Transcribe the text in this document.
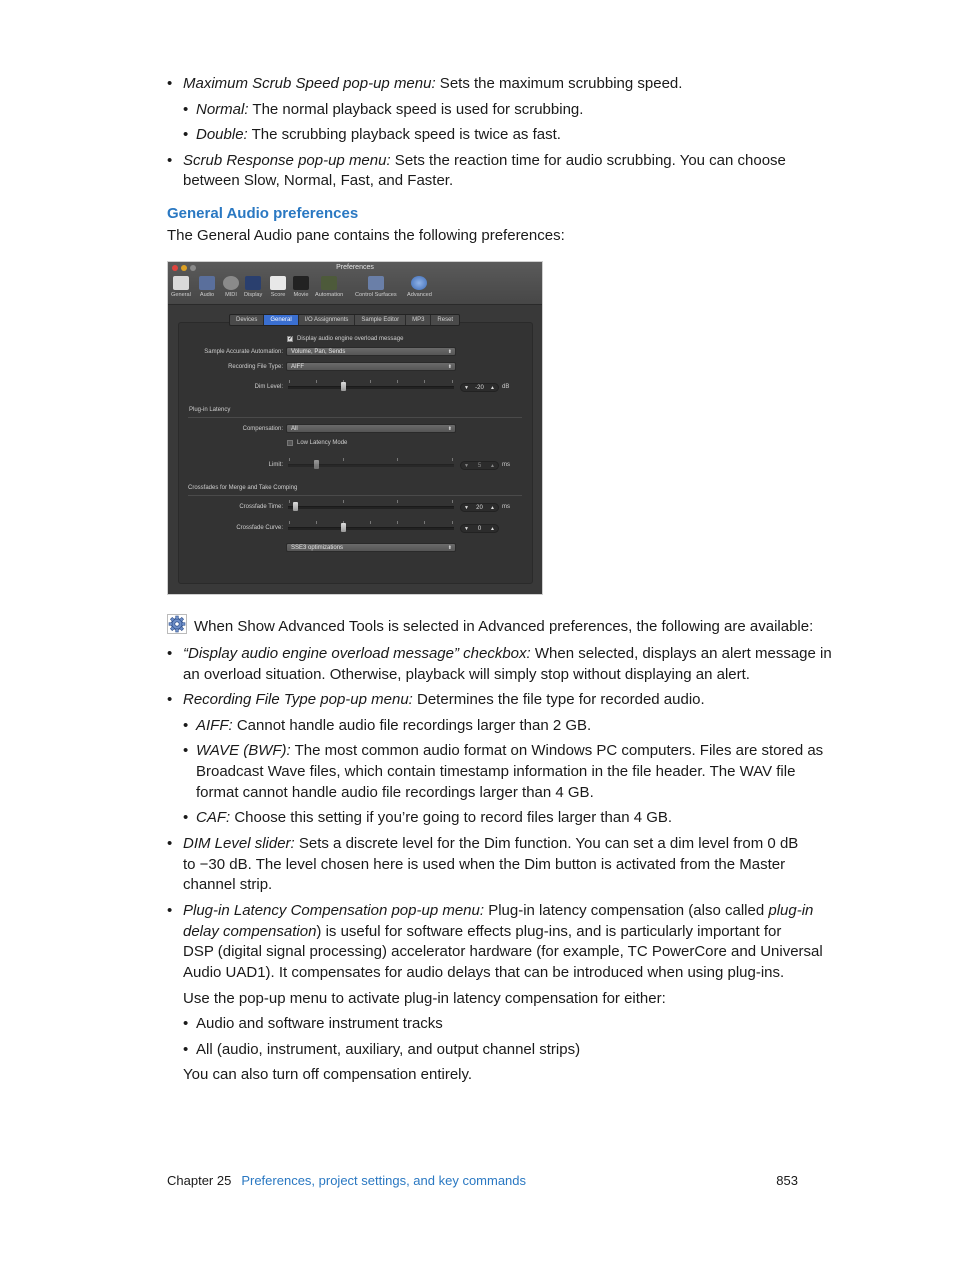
• Maximum Scrub Speed pop-up menu: Sets the maximum scrubbing speed.

• Normal: The normal playback speed is used for scrubbing.

• Double: The scrubbing playback speed is twice as fast.

• Scrub Response pop-up menu: Sets the reaction time for audio scrubbing. You can choose

between Slow, Normal, Fast, and Faster.

General Audio preferences

The General Audio pane contains the following preferences:

Preferences
General Audio	MIDI	Display Score Movie Automation Control Surfaces Advanced
Devices	General	I/O Assignments	Sample Editor	MP3	Reset
✓ Display audio engine overload message
Sample Accurate Automation:	Volume, Pan, Sends	⬍
Recording File Type:	AIFF	⬍
Dim Level:	▼ -20 ▲ dB
Plug-in Latency
Compensation:	All	⬍
Low Latency Mode
Limit:	▼ 5 ▲ ms
Crossfades for Merge and Take Comping
Crossfade Time:	▼ 20 ▲ ms
Crossfade Curve:	▼ 0 ▲
SSE3 optimizations	⬍

When Show Advanced Tools is selected in Advanced preferences, the following are available:

• “Display audio engine overload message” checkbox: When selected, displays an alert message in

an overload situation. Otherwise, playback will simply stop without displaying an alert.

• Recording File Type pop-up menu: Determines the file type for recorded audio.

• AIFF: Cannot handle audio file recordings larger than 2 GB.

• WAVE (BWF): The most common audio format on Windows PC computers. Files are stored as

Broadcast Wave files, which contain timestamp information in the file header. The WAV file

format cannot handle audio file recordings larger than 4 GB.

• CAF: Choose this setting if you’re going to record files larger than 4 GB.

• DIM Level slider: Sets a discrete level for the Dim function. You can set a dim level from 0 dB

to −30 dB. The level chosen here is used when the Dim button is activated from the Master

channel strip.

• Plug-in Latency Compensation pop-up menu: Plug-in latency compensation (also called plug-in

delay compensation) is useful for software effects plug-ins, and is particularly important for

DSP (digital signal processing) accelerator hardware (for example, TC PowerCore and Universal

Audio UAD1). It compensates for audio delays that can be introduced when using plug-ins.

Use the pop-up menu to activate plug-in latency compensation for either:

• Audio and software instrument tracks

• All (audio, instrument, auxiliary, and output channel strips)

You can also turn off compensation entirely.

Chapter 25 Preferences, project settings, and key commands	853
